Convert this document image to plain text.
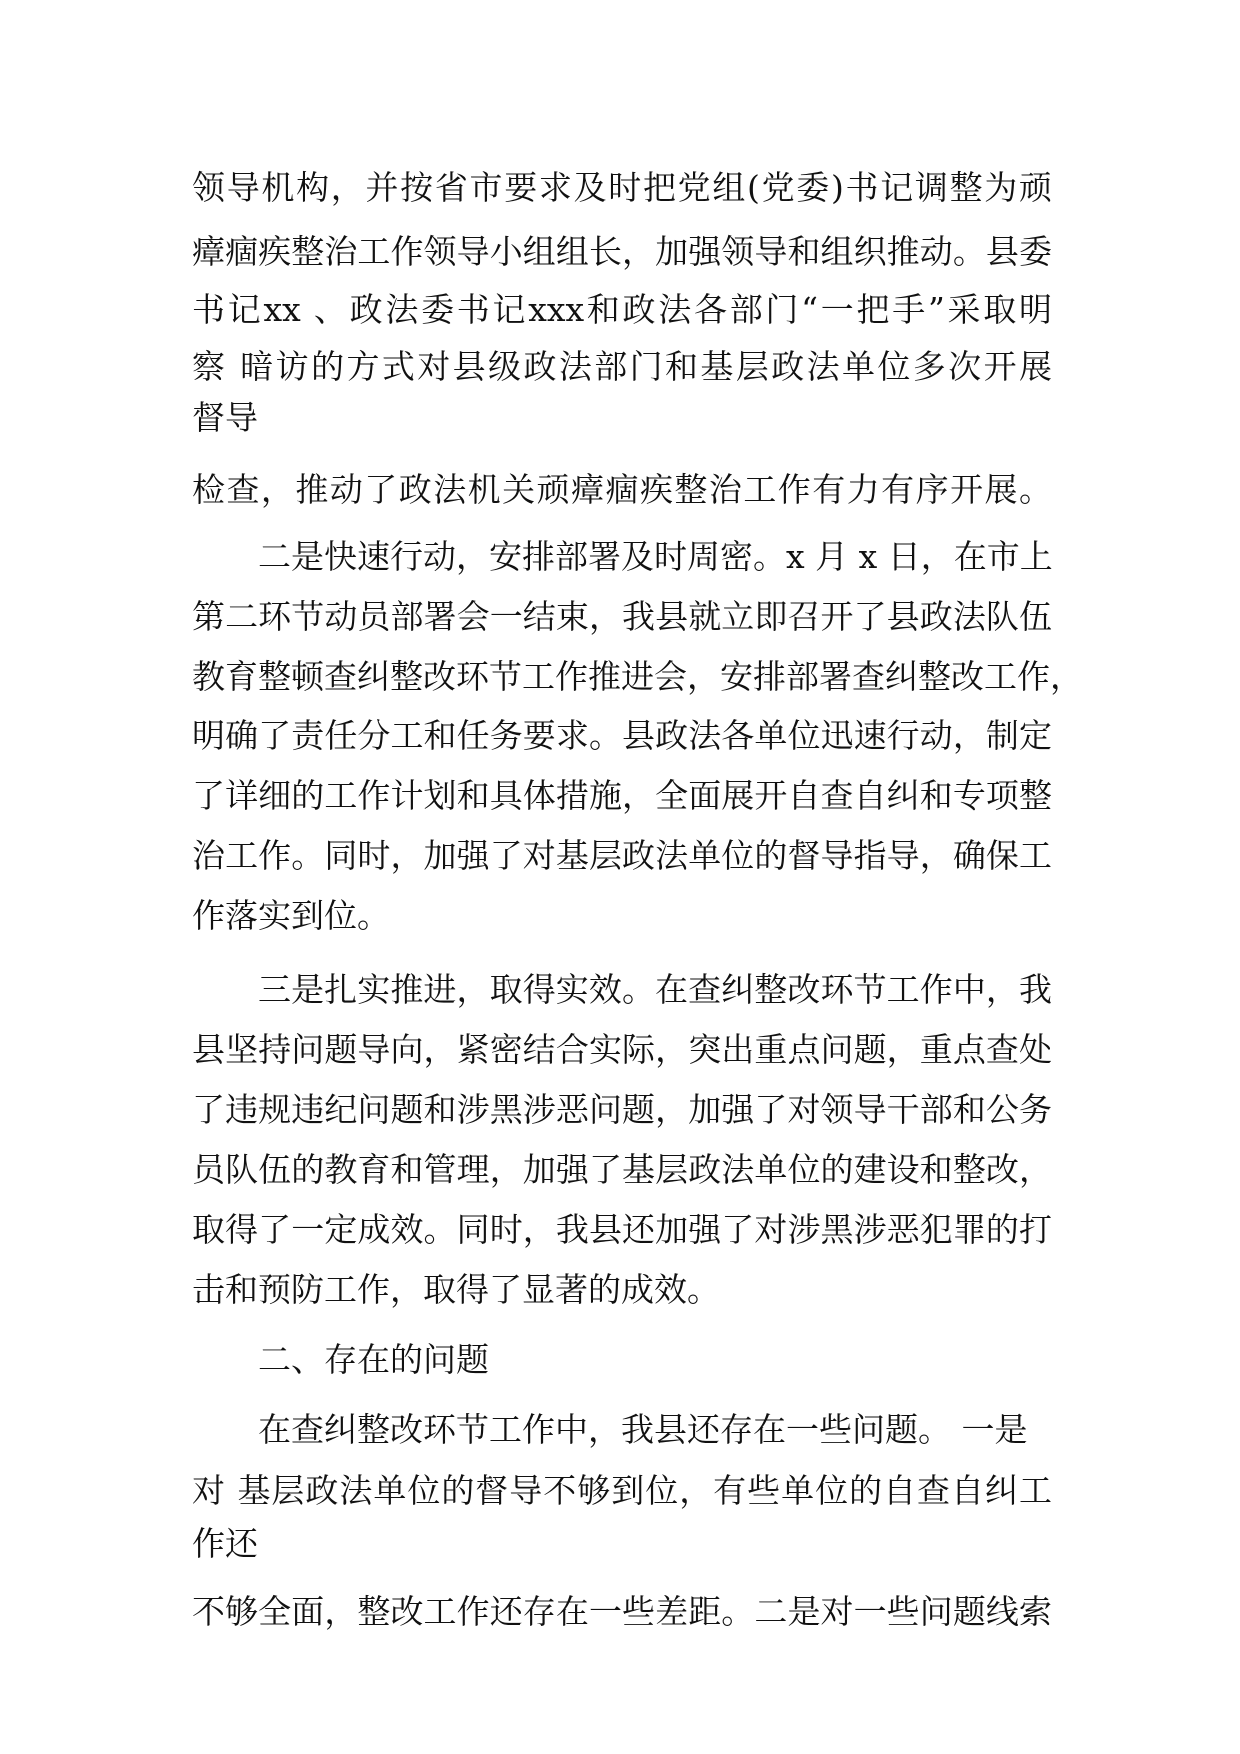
领导机构，并按省市要求及时把党组(党委)书记调整为顽
瘴痼疾整治工作领导小组组长，加强领导和组织推动。县委
书记xx 、政法委书记xxx和政法各部门“一把手”采取明
察 暗访的方式对县级政法部门和基层政法单位多次开展
督导
检查，推动了政法机关顽瘴痼疾整治工作有力有序开展。
二是快速行动，安排部署及时周密。x 月 x 日，在市上
第二环节动员部署会一结束，我县就立即召开了县政法队伍
教育整顿查纠整改环节工作推进会，安排部署查纠整改工作，
明确了责任分工和任务要求。县政法各单位迅速行动，制定
了详细的工作计划和具体措施，全面展开自查自纠和专项整
治工作。同时，加强了对基层政法单位的督导指导，确保工
作落实到位。
三是扎实推进，取得实效。在查纠整改环节工作中，我
县坚持问题导向，紧密结合实际，突出重点问题，重点查处
了违规违纪问题和涉黑涉恶问题，加强了对领导干部和公务
员队伍的教育和管理，加强了基层政法单位的建设和整改，
取得了一定成效。同时，我县还加强了对涉黑涉恶犯罪的打
击和预防工作，取得了显著的成效。
二、存在的问题
在查纠整改环节工作中，我县还存在一些问题。 一是
对 基层政法单位的督导不够到位，有些单位的自查自纠工
作还
不够全面，整改工作还存在一些差距。二是对一些问题线索
